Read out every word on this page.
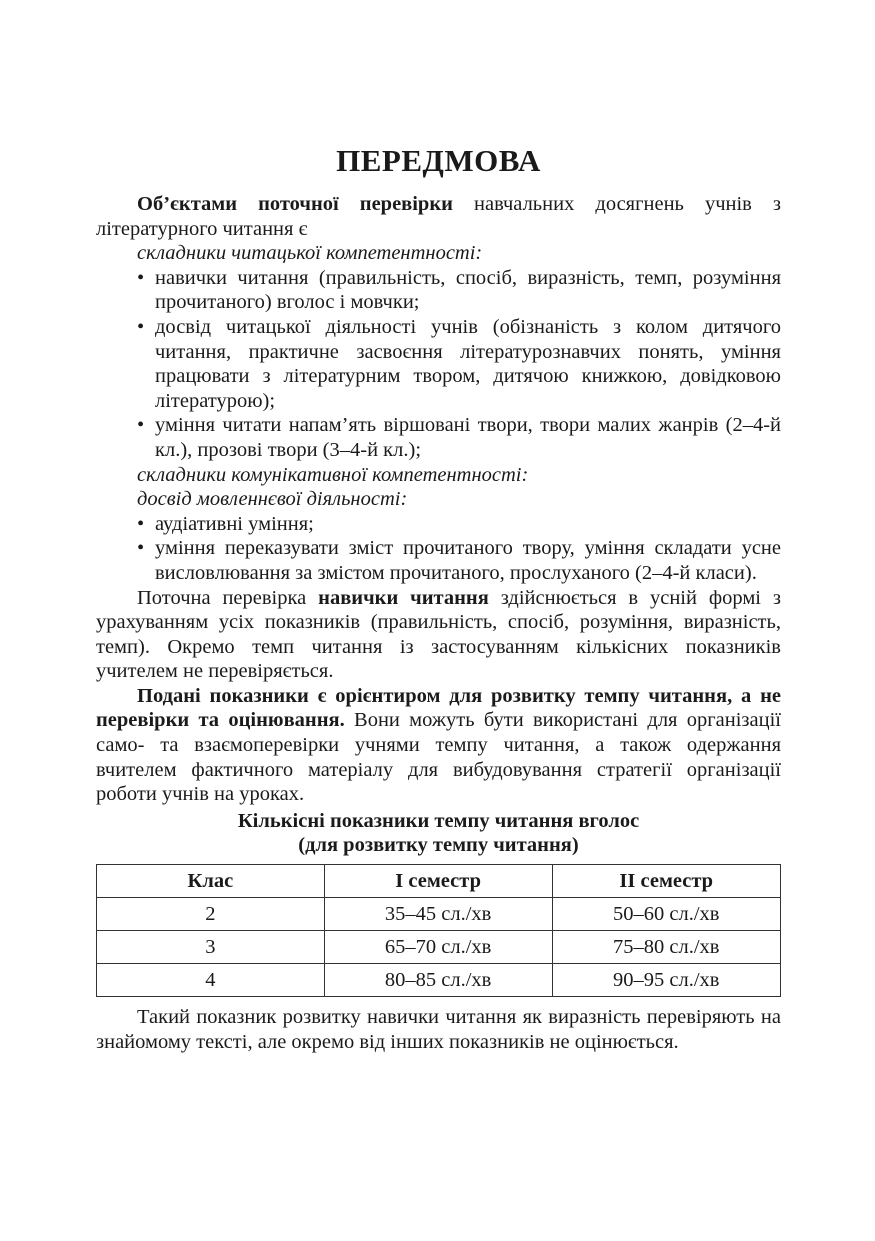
ПЕРЕДМОВА

Об’єктами поточної перевірки навчальних досягнень учнів з літературного читання є

складники читацької компетентності:

• навички читання (правильність, спосіб, виразність, темп, розуміння прочитаного) вголос і мовчки;
• досвід читацької діяльності учнів (обізнаність з колом дитячого читання, практичне засвоєння літературознавчих понять, уміння працювати з літературним твором, дитячою книжкою, довідковою літературою);
• уміння читати напам’ять віршовані твори, твори малих жанрів (2–4-й кл.), прозові твори (3–4-й кл.);

складники комунікативної компетентності:

досвід мовленнєвої діяльності:

• аудіативні уміння;
• уміння переказувати зміст прочитаного твору, уміння складати усне висловлювання за змістом прочитаного, прослуханого (2–4-й класи).

Поточна перевірка навички читання здійснюється в усній формі з урахуванням усіх показників (правильність, спосіб, розуміння, виразність, темп). Окремо темп читання із застосуванням кількісних показників учителем не перевіряється.

Подані показники є орієнтиром для розвитку темпу читання, а не перевірки та оцінювання. Вони можуть бути використані для організації само- та взаємоперевірки учнями темпу читання, а також одержання вчителем фактичного матеріалу для вибудовування стратегії організації роботи учнів на уроках.

Кількісні показники темпу читання вголос
(для розвитку темпу читання)

Клас	І семестр	ІІ семестр
2	35–45 сл./хв	50–60 сл./хв
3	65–70 сл./хв	75–80 сл./хв
4	80–85 сл./хв	90–95 сл./хв

Такий показник розвитку навички читання як виразність перевіряють на знайомому тексті, але окремо від інших показників не оцінюється.
